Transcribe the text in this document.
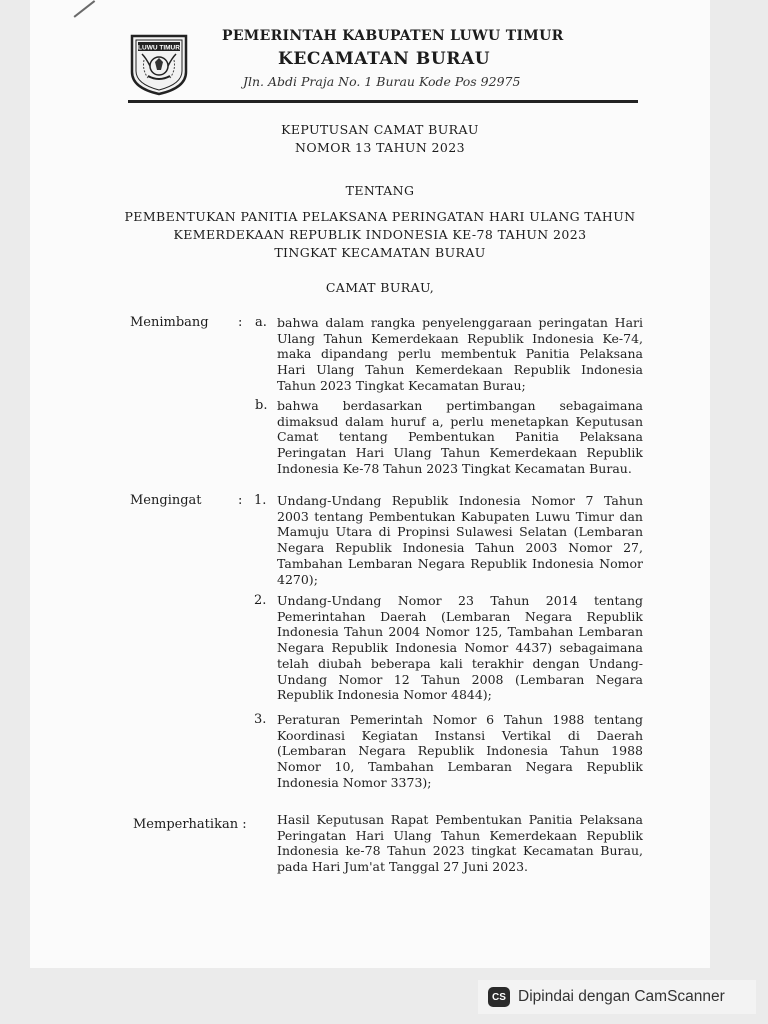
LUWU TIMUR
PEMERINTAH KABUPATEN LUWU TIMUR
KECAMATAN BURAU
Jln. Abdi Praja No. 1 Burau Kode Pos 92975
KEPUTUSAN CAMAT BURAU
NOMOR 13 TAHUN 2023
TENTANG
PEMBENTUKAN PANITIA PELAKSANA PERINGATAN HARI ULANG TAHUN
KEMERDEKAAN REPUBLIK INDONESIA KE-78 TAHUN 2023
TINGKAT KECAMATAN BURAU
CAMAT BURAU,
Menimbang : a. bahwa dalam rangka penyelenggaraan peringatan Hari Ulang Tahun Kemerdekaan Republik Indonesia Ke-74, maka dipandang perlu membentuk Panitia Pelaksana Hari Ulang Tahun Kemerdekaan Republik Indonesia Tahun 2023 Tingkat Kecamatan Burau;
b. bahwa berdasarkan pertimbangan sebagaimana dimaksud dalam huruf a, perlu menetapkan Keputusan Camat tentang Pembentukan Panitia Pelaksana Peringatan Hari Ulang Tahun Kemerdekaan Republik Indonesia Ke-78 Tahun 2023 Tingkat Kecamatan Burau.
Mengingat	: 1. Undang-Undang Republik Indonesia Nomor 7 Tahun 2003 tentang Pembentukan Kabupaten Luwu Timur dan Mamuju Utara di Propinsi Sulawesi Selatan (Lembaran Negara Republik Indonesia Tahun 2003 Nomor 27, Tambahan Lembaran Negara Republik Indonesia Nomor 4270);
2. Undang-Undang Nomor 23 Tahun 2014 tentang Pemerintahan Daerah (Lembaran Negara Republik Indonesia Tahun 2004 Nomor 125, Tambahan Lembaran Negara Republik Indonesia Nomor 4437) sebagaimana telah diubah beberapa kali terakhir dengan Undang-Undang Nomor 12 Tahun 2008 (Lembaran Negara Republik Indonesia Nomor 4844);
3. Peraturan Pemerintah Nomor 6 Tahun 1988 tentang Koordinasi Kegiatan Instansi Vertikal di Daerah (Lembaran Negara Republik Indonesia Tahun 1988 Nomor 10, Tambahan Lembaran Negara Republik Indonesia Nomor 3373);
Memperhatikan : Hasil Keputusan Rapat Pembentukan Panitia Pelaksana Peringatan Hari Ulang Tahun Kemerdekaan Republik Indonesia ke-78 Tahun 2023 tingkat Kecamatan Burau, pada Hari Jum'at Tanggal 27 Juni 2023.
CS Dipindai dengan CamScanner
